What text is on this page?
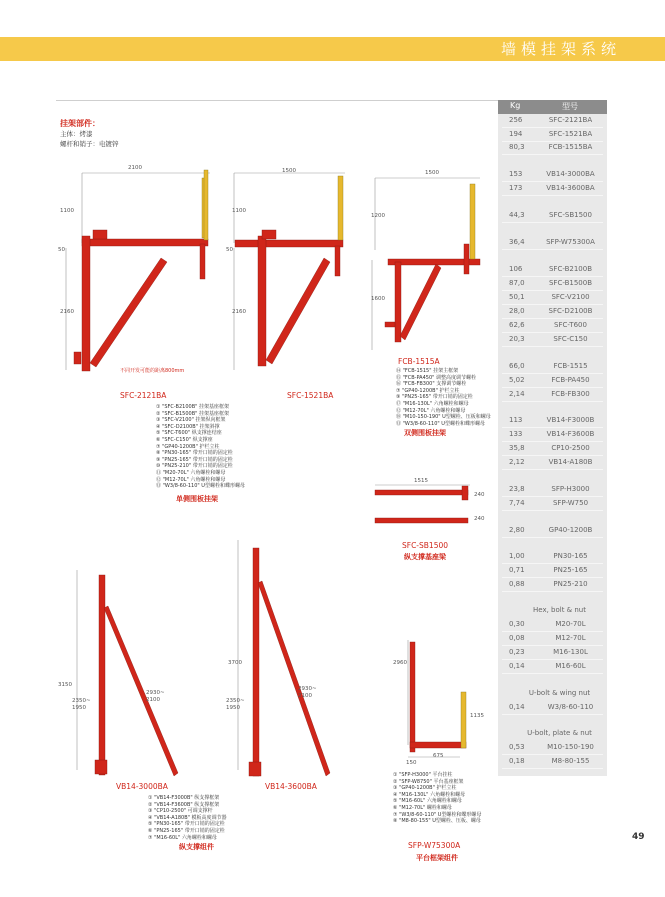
墙模挂架系统
挂架部件：
主体：烤漆
螺杆和销子：电镀锌
2100
1100
50
2160
不同开发可能的距离800mm
1500
1100
50
2160
1500
1200
1600
1515
240
240
3150
2350~
1950
2930~
2100
3700
2350~
1950
2930~
2100
2960
1135
150
675
SFC-2121BA	SFC-1521BA
FCB-1515A
SFC-SB1500
VB14-3000BA	VB14-3600BA
SFP-W75300A
① "SFC-B2100B" 挂架基座框架
② "SFC-B1500B" 挂架基座框架
③ "SFC-V2100" 挂架纵向框架
④ "SFC-D2100B" 挂架斜撑
⑤ "SFC-T600" 纵支撑连结座
⑥ "SFC-C150" 纵支撑座
⑦ "GP40-1200B" 护栏立柱
⑧ "PN30-165" 带开口销的固定栓
⑨ "PN25-165" 带开口销的固定栓
⑩ "PN25-210" 带开口销的固定栓
⑪ "M20-70L" 六角螺栓和螺母
⑫ "M12-70L" 六角螺栓和螺母
⑬ "W3/8-60-110" U型螺栓和蝶形螺母
单侧围板挂架
⑭ "FCB-1515" 挂架主框架
⑮ "FCB-PA450" 调整高度调节螺栓
⑯ "FCB-FB300" 支撑调节螺栓
⑦ "GP40-1200B" 护栏立柱
⑨ "PN25-165" 带开口销的固定栓
⑰ "M16-130L" 六角螺栓和螺母
⑫ "M12-70L" 六角螺栓和螺母
⑱ "M10-150-190" U型螺栓、压板和螺母
⑬ "W3/8-60-110" U型螺栓和蝶形螺母
双侧围板挂架
纵支撑基座梁
① "VB14-F3000B" 纵支撑框架
② "VB14-F3600B" 纵支撑框架
③ "CP10-2500" 可调支撑杆
④ "VB14-A180B" 模板高度调节器
⑤ "PN30-165" 带开口销的固定栓
⑥ "PN25-165" 带开口销的固定栓
⑦ "M16-60L" 六角螺栓和螺母
纵支撑组件
① "SFP-H3000" 平台挂柱
② "SFP-W8750" 平台基座框架
③ "GP40-1200B" 护栏立柱
④ "M16-130L" 六角螺栓和螺母
⑤ "M16-60L" 六角螺栓和螺母
⑥ "M12-70L" 螺栓和螺母
⑦ "W3/8-60-110" U型螺栓和蝶形螺母
⑧ "M8-80-155" U型螺栓、压板、螺母
平台框架组件
Kg	型号
256	SFC-2121BA
194	SFC-1521BA
80,3	FCB-1515BA
153	VB14-3000BA
173	VB14-3600BA
44,3	SFC-SB1500
36,4	SFP-W75300A
106	SFC-B2100B
87,0	SFC-B1500B
50,1	SFC-V2100
28,0	SFC-D2100B
62,6	SFC-T600
20,3	SFC-C150
66,0	FCB-1515
5,02	FCB-PA450
2,14	FCB-FB300
113	VB14-F3000B
133	VB14-F3600B
35,8	CP10-2500
2,12	VB14-A180B
23,8	SFP-H3000
7,74	SFP-W750
2,80	GP40-1200B
1,00	PN30-165
0,71	PN25-165
0,88	PN25-210
0,30	M20-70L
0,08	M12-70L
0,23	M16-130L
0,14	M16-60L
0,14	W3/8-60-110
0,53	M10-150-190
0,18	M8-80-155
Hex, bolt & nut
U-bolt & wing nut
U-bolt, plate & nut
49
